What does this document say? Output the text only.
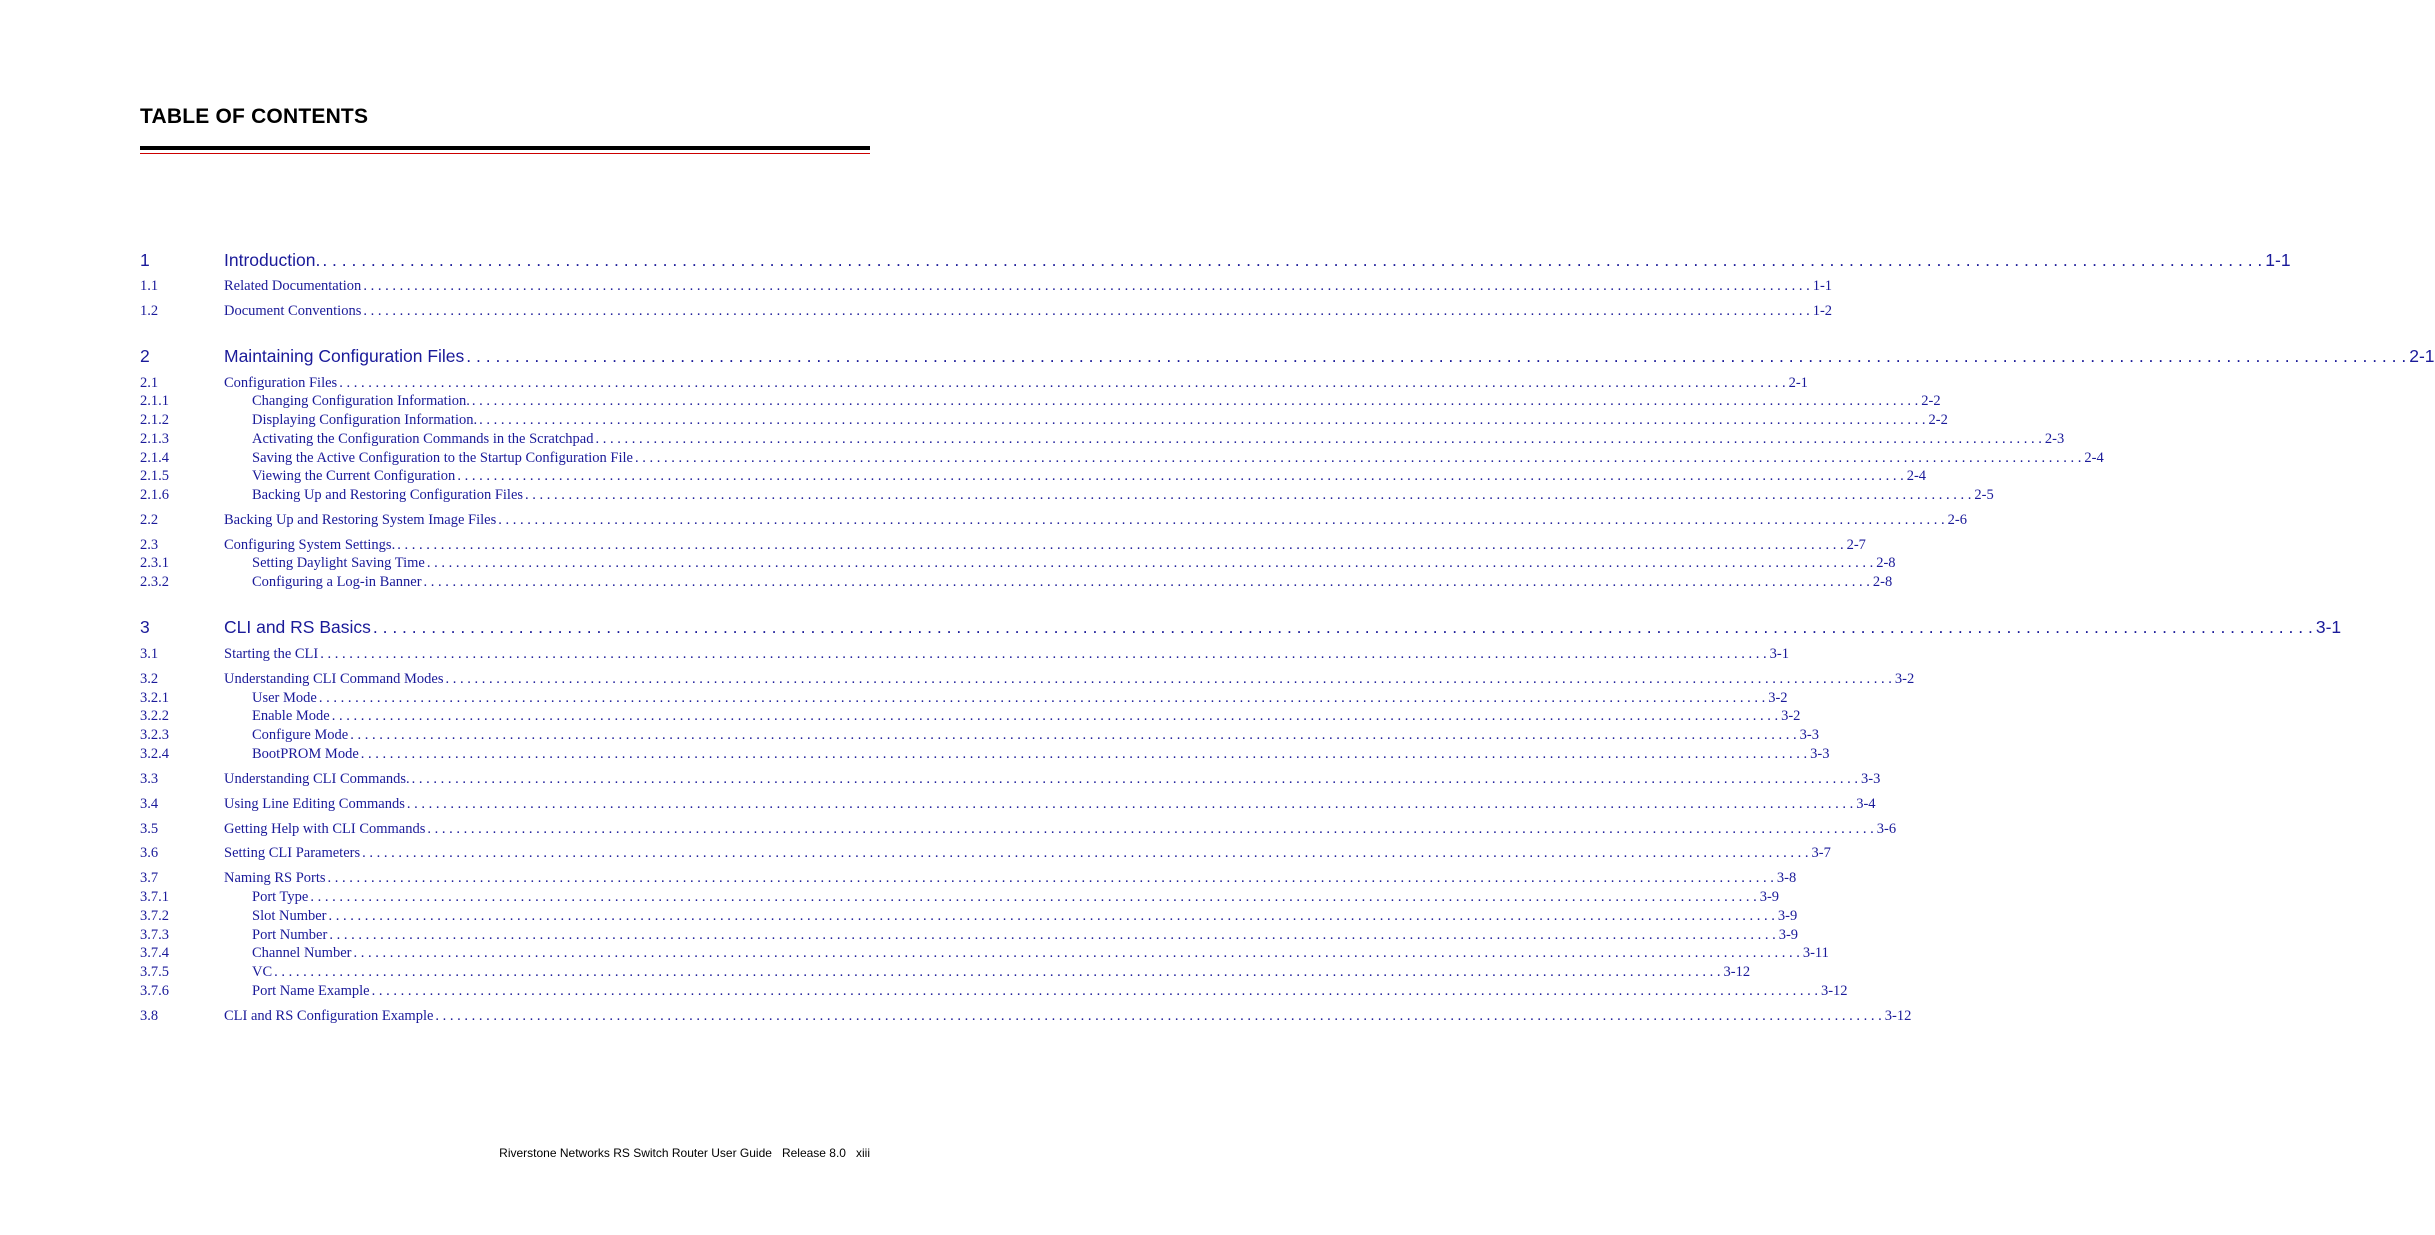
TABLE OF CONTENTS
1	Introduction. . . . . . . . . . . . . . . . . . . . . . . . . . . . . . . . . . . . . . . . . . . . . . . . . . . . . . . . . . . . . . . . . . . . . . . . . . . . . . . . . . . . . . . . . . . . . . . . . . . . . . . . . . . . . . . . . . . . . . . . . . . . . . . . . . . . . . . . . . . . . . . . . . . . . . . . . . . . . . . . . . . . . . . . . . . . . . . . . . . . . . . . . . . . . . . . . . . . . . . . . 1-1
1.1	Related Documentation . . . . . . . . . . . . . . . . . . . . . . . . . . . . . . . . . . . . . . . . . . . . . . . . . . . . . . . . . . . . . . . . . . . . . . . . . . . . . . . . . . . . . . . . . . . . . . . . . . . . . . . . . . . . . . . . . . . . . . . . . . . . . . . . . . . . . . . . . . . . . . . . . . . . . . . . . . . . . . . . . . . . . . . . . . . . . . . . . . . . . . . . . . . . . . . . . . . . . . . . 1-1
1.2	Document Conventions . . . . . . . . . . . . . . . . . . . . . . . . . . . . . . . . . . . . . . . . . . . . . . . . . . . . . . . . . . . . . . . . . . . . . . . . . . . . . . . . . . . . . . . . . . . . . . . . . . . . . . . . . . . . . . . . . . . . . . . . . . . . . . . . . . . . . . . . . . . . . . . . . . . . . . . . . . . . . . . . . . . . . . . . . . . . . . . . . . . . . . . . . . . . . . . . . . . . . . . . 1-2
2	Maintaining Configuration Files . . . . . . . . . . . . . . . . . . . . . . . . . . . . . . . . . . . . . . . . . . . . . . . . . . . . . . . . . . . . . . . . . . . . . . . . . . . . . . . . . . . . . . . . . . . . . . . . . . . . . . . . . . . . . . . . . . . . . . . . . . . . . . . . . . . . . . . . . . . . . . . . . . . . . . . . . . . . . . . . . . . . . . . . . . . . . . . . . . . . . . . . . . . . . . . . . . . . . . . . 2-1
2.1	Configuration Files . . . . . . . . . . . . . . . . . . . . . . . . . . . . . . . . . . . . . . . . . . . . . . . . . . . . . . . . . . . . . . . . . . . . . . . . . . . . . . . . . . . . . . . . . . . . . . . . . . . . . . . . . . . . . . . . . . . . . . . . . . . . . . . . . . . . . . . . . . . . . . . . . . . . . . . . . . . . . . . . . . . . . . . . . . . . . . . . . . . . . . . . . . . . . . . . . . . . . . . . 2-1
2.1.1	Changing Configuration Information. . . . . . . . . . . . . . . . . . . . . . . . . . . . . . . . . . . . . . . . . . . . . . . . . . . . . . . . . . . . . . . . . . . . . . . . . . . . . . . . . . . . . . . . . . . . . . . . . . . . . . . . . . . . . . . . . . . . . . . . . . . . . . . . . . . . . . . . . . . . . . . . . . . . . . . . . . . . . . . . . . . . . . . . . . . . . . . . . . . . . . . . . . . . . . . . . . . . . . . . . 2-2
2.1.2	Displaying Configuration Information. . . . . . . . . . . . . . . . . . . . . . . . . . . . . . . . . . . . . . . . . . . . . . . . . . . . . . . . . . . . . . . . . . . . . . . . . . . . . . . . . . . . . . . . . . . . . . . . . . . . . . . . . . . . . . . . . . . . . . . . . . . . . . . . . . . . . . . . . . . . . . . . . . . . . . . . . . . . . . . . . . . . . . . . . . . . . . . . . . . . . . . . . . . . . . . . . . . . . . . . . 2-2
2.1.3	Activating the Configuration Commands in the Scratchpad . . . . . . . . . . . . . . . . . . . . . . . . . . . . . . . . . . . . . . . . . . . . . . . . . . . . . . . . . . . . . . . . . . . . . . . . . . . . . . . . . . . . . . . . . . . . . . . . . . . . . . . . . . . . . . . . . . . . . . . . . . . . . . . . . . . . . . . . . . . . . . . . . . . . . . . . . . . . . . . . . . . . . . . . . . . . . . . . . . . . . . . . . . . . . . . . . . . . . . . . 2-3
2.1.4	Saving the Active Configuration to the Startup Configuration File . . . . . . . . . . . . . . . . . . . . . . . . . . . . . . . . . . . . . . . . . . . . . . . . . . . . . . . . . . . . . . . . . . . . . . . . . . . . . . . . . . . . . . . . . . . . . . . . . . . . . . . . . . . . . . . . . . . . . . . . . . . . . . . . . . . . . . . . . . . . . . . . . . . . . . . . . . . . . . . . . . . . . . . . . . . . . . . . . . . . . . . . . . . . . . . . . . . . . . . . 2-4
2.1.5	Viewing the Current Configuration . . . . . . . . . . . . . . . . . . . . . . . . . . . . . . . . . . . . . . . . . . . . . . . . . . . . . . . . . . . . . . . . . . . . . . . . . . . . . . . . . . . . . . . . . . . . . . . . . . . . . . . . . . . . . . . . . . . . . . . . . . . . . . . . . . . . . . . . . . . . . . . . . . . . . . . . . . . . . . . . . . . . . . . . . . . . . . . . . . . . . . . . . . . . . . . . . . . . . . . . 2-4
2.1.6	Backing Up and Restoring Configuration Files . . . . . . . . . . . . . . . . . . . . . . . . . . . . . . . . . . . . . . . . . . . . . . . . . . . . . . . . . . . . . . . . . . . . . . . . . . . . . . . . . . . . . . . . . . . . . . . . . . . . . . . . . . . . . . . . . . . . . . . . . . . . . . . . . . . . . . . . . . . . . . . . . . . . . . . . . . . . . . . . . . . . . . . . . . . . . . . . . . . . . . . . . . . . . . . . . . . . . . . . 2-5
2.2	Backing Up and Restoring System Image Files . . . . . . . . . . . . . . . . . . . . . . . . . . . . . . . . . . . . . . . . . . . . . . . . . . . . . . . . . . . . . . . . . . . . . . . . . . . . . . . . . . . . . . . . . . . . . . . . . . . . . . . . . . . . . . . . . . . . . . . . . . . . . . . . . . . . . . . . . . . . . . . . . . . . . . . . . . . . . . . . . . . . . . . . . . . . . . . . . . . . . . . . . . . . . . . . . . . . . . . . 2-6
2.3	Configuring System Settings. . . . . . . . . . . . . . . . . . . . . . . . . . . . . . . . . . . . . . . . . . . . . . . . . . . . . . . . . . . . . . . . . . . . . . . . . . . . . . . . . . . . . . . . . . . . . . . . . . . . . . . . . . . . . . . . . . . . . . . . . . . . . . . . . . . . . . . . . . . . . . . . . . . . . . . . . . . . . . . . . . . . . . . . . . . . . . . . . . . . . . . . . . . . . . . . . . . . . . . . . 2-7
2.3.1	Setting Daylight Saving Time . . . . . . . . . . . . . . . . . . . . . . . . . . . . . . . . . . . . . . . . . . . . . . . . . . . . . . . . . . . . . . . . . . . . . . . . . . . . . . . . . . . . . . . . . . . . . . . . . . . . . . . . . . . . . . . . . . . . . . . . . . . . . . . . . . . . . . . . . . . . . . . . . . . . . . . . . . . . . . . . . . . . . . . . . . . . . . . . . . . . . . . . . . . . . . . . . . . . . . . . 2-8
2.3.2	Configuring a Log-in Banner . . . . . . . . . . . . . . . . . . . . . . . . . . . . . . . . . . . . . . . . . . . . . . . . . . . . . . . . . . . . . . . . . . . . . . . . . . . . . . . . . . . . . . . . . . . . . . . . . . . . . . . . . . . . . . . . . . . . . . . . . . . . . . . . . . . . . . . . . . . . . . . . . . . . . . . . . . . . . . . . . . . . . . . . . . . . . . . . . . . . . . . . . . . . . . . . . . . . . . . . 2-8
3	CLI and RS Basics . . . . . . . . . . . . . . . . . . . . . . . . . . . . . . . . . . . . . . . . . . . . . . . . . . . . . . . . . . . . . . . . . . . . . . . . . . . . . . . . . . . . . . . . . . . . . . . . . . . . . . . . . . . . . . . . . . . . . . . . . . . . . . . . . . . . . . . . . . . . . . . . . . . . . . . . . . . . . . . . . . . . . . . . . . . . . . . . . . . . . . . . . . . . . . . . . . . . . . . . 3-1
3.1	Starting the CLI . . . . . . . . . . . . . . . . . . . . . . . . . . . . . . . . . . . . . . . . . . . . . . . . . . . . . . . . . . . . . . . . . . . . . . . . . . . . . . . . . . . . . . . . . . . . . . . . . . . . . . . . . . . . . . . . . . . . . . . . . . . . . . . . . . . . . . . . . . . . . . . . . . . . . . . . . . . . . . . . . . . . . . . . . . . . . . . . . . . . . . . . . . . . . . . . . . . . . . . . 3-1
3.2	Understanding CLI Command Modes . . . . . . . . . . . . . . . . . . . . . . . . . . . . . . . . . . . . . . . . . . . . . . . . . . . . . . . . . . . . . . . . . . . . . . . . . . . . . . . . . . . . . . . . . . . . . . . . . . . . . . . . . . . . . . . . . . . . . . . . . . . . . . . . . . . . . . . . . . . . . . . . . . . . . . . . . . . . . . . . . . . . . . . . . . . . . . . . . . . . . . . . . . . . . . . . . . . . . . . . 3-2
3.2.1	User Mode . . . . . . . . . . . . . . . . . . . . . . . . . . . . . . . . . . . . . . . . . . . . . . . . . . . . . . . . . . . . . . . . . . . . . . . . . . . . . . . . . . . . . . . . . . . . . . . . . . . . . . . . . . . . . . . . . . . . . . . . . . . . . . . . . . . . . . . . . . . . . . . . . . . . . . . . . . . . . . . . . . . . . . . . . . . . . . . . . . . . . . . . . . . . . . . . . . . . . . . . 3-2
3.2.2	Enable Mode . . . . . . . . . . . . . . . . . . . . . . . . . . . . . . . . . . . . . . . . . . . . . . . . . . . . . . . . . . . . . . . . . . . . . . . . . . . . . . . . . . . . . . . . . . . . . . . . . . . . . . . . . . . . . . . . . . . . . . . . . . . . . . . . . . . . . . . . . . . . . . . . . . . . . . . . . . . . . . . . . . . . . . . . . . . . . . . . . . . . . . . . . . . . . . . . . . . . . . . . 3-2
3.2.3	Configure Mode . . . . . . . . . . . . . . . . . . . . . . . . . . . . . . . . . . . . . . . . . . . . . . . . . . . . . . . . . . . . . . . . . . . . . . . . . . . . . . . . . . . . . . . . . . . . . . . . . . . . . . . . . . . . . . . . . . . . . . . . . . . . . . . . . . . . . . . . . . . . . . . . . . . . . . . . . . . . . . . . . . . . . . . . . . . . . . . . . . . . . . . . . . . . . . . . . . . . . . . . 3-3
3.2.4	BootPROM Mode . . . . . . . . . . . . . . . . . . . . . . . . . . . . . . . . . . . . . . . . . . . . . . . . . . . . . . . . . . . . . . . . . . . . . . . . . . . . . . . . . . . . . . . . . . . . . . . . . . . . . . . . . . . . . . . . . . . . . . . . . . . . . . . . . . . . . . . . . . . . . . . . . . . . . . . . . . . . . . . . . . . . . . . . . . . . . . . . . . . . . . . . . . . . . . . . . . . . . . . . 3-3
3.3	Understanding CLI Commands. . . . . . . . . . . . . . . . . . . . . . . . . . . . . . . . . . . . . . . . . . . . . . . . . . . . . . . . . . . . . . . . . . . . . . . . . . . . . . . . . . . . . . . . . . . . . . . . . . . . . . . . . . . . . . . . . . . . . . . . . . . . . . . . . . . . . . . . . . . . . . . . . . . . . . . . . . . . . . . . . . . . . . . . . . . . . . . . . . . . . . . . . . . . . . . . . . . . . . . . . 3-3
3.4	Using Line Editing Commands . . . . . . . . . . . . . . . . . . . . . . . . . . . . . . . . . . . . . . . . . . . . . . . . . . . . . . . . . . . . . . . . . . . . . . . . . . . . . . . . . . . . . . . . . . . . . . . . . . . . . . . . . . . . . . . . . . . . . . . . . . . . . . . . . . . . . . . . . . . . . . . . . . . . . . . . . . . . . . . . . . . . . . . . . . . . . . . . . . . . . . . . . . . . . . . . . . . . . . . . 3-4
3.5	Getting Help with CLI Commands . . . . . . . . . . . . . . . . . . . . . . . . . . . . . . . . . . . . . . . . . . . . . . . . . . . . . . . . . . . . . . . . . . . . . . . . . . . . . . . . . . . . . . . . . . . . . . . . . . . . . . . . . . . . . . . . . . . . . . . . . . . . . . . . . . . . . . . . . . . . . . . . . . . . . . . . . . . . . . . . . . . . . . . . . . . . . . . . . . . . . . . . . . . . . . . . . . . . . . . . 3-6
3.6	Setting CLI Parameters . . . . . . . . . . . . . . . . . . . . . . . . . . . . . . . . . . . . . . . . . . . . . . . . . . . . . . . . . . . . . . . . . . . . . . . . . . . . . . . . . . . . . . . . . . . . . . . . . . . . . . . . . . . . . . . . . . . . . . . . . . . . . . . . . . . . . . . . . . . . . . . . . . . . . . . . . . . . . . . . . . . . . . . . . . . . . . . . . . . . . . . . . . . . . . . . . . . . . . . . 3-7
3.7	Naming RS Ports . . . . . . . . . . . . . . . . . . . . . . . . . . . . . . . . . . . . . . . . . . . . . . . . . . . . . . . . . . . . . . . . . . . . . . . . . . . . . . . . . . . . . . . . . . . . . . . . . . . . . . . . . . . . . . . . . . . . . . . . . . . . . . . . . . . . . . . . . . . . . . . . . . . . . . . . . . . . . . . . . . . . . . . . . . . . . . . . . . . . . . . . . . . . . . . . . . . . . . . . 3-8
3.7.1	Port Type . . . . . . . . . . . . . . . . . . . . . . . . . . . . . . . . . . . . . . . . . . . . . . . . . . . . . . . . . . . . . . . . . . . . . . . . . . . . . . . . . . . . . . . . . . . . . . . . . . . . . . . . . . . . . . . . . . . . . . . . . . . . . . . . . . . . . . . . . . . . . . . . . . . . . . . . . . . . . . . . . . . . . . . . . . . . . . . . . . . . . . . . . . . . . . . . . . . . . . . . 3-9
3.7.2	Slot Number . . . . . . . . . . . . . . . . . . . . . . . . . . . . . . . . . . . . . . . . . . . . . . . . . . . . . . . . . . . . . . . . . . . . . . . . . . . . . . . . . . . . . . . . . . . . . . . . . . . . . . . . . . . . . . . . . . . . . . . . . . . . . . . . . . . . . . . . . . . . . . . . . . . . . . . . . . . . . . . . . . . . . . . . . . . . . . . . . . . . . . . . . . . . . . . . . . . . . . . . 3-9
3.7.3	Port Number . . . . . . . . . . . . . . . . . . . . . . . . . . . . . . . . . . . . . . . . . . . . . . . . . . . . . . . . . . . . . . . . . . . . . . . . . . . . . . . . . . . . . . . . . . . . . . . . . . . . . . . . . . . . . . . . . . . . . . . . . . . . . . . . . . . . . . . . . . . . . . . . . . . . . . . . . . . . . . . . . . . . . . . . . . . . . . . . . . . . . . . . . . . . . . . . . . . . . . . . 3-9
3.7.4	Channel Number . . . . . . . . . . . . . . . . . . . . . . . . . . . . . . . . . . . . . . . . . . . . . . . . . . . . . . . . . . . . . . . . . . . . . . . . . . . . . . . . . . . . . . . . . . . . . . . . . . . . . . . . . . . . . . . . . . . . . . . . . . . . . . . . . . . . . . . . . . . . . . . . . . . . . . . . . . . . . . . . . . . . . . . . . . . . . . . . . . . . . . . . . . . . . . . . . . . . . . . . 3-11
3.7.5	VC . . . . . . . . . . . . . . . . . . . . . . . . . . . . . . . . . . . . . . . . . . . . . . . . . . . . . . . . . . . . . . . . . . . . . . . . . . . . . . . . . . . . . . . . . . . . . . . . . . . . . . . . . . . . . . . . . . . . . . . . . . . . . . . . . . . . . . . . . . . . . . . . . . . . . . . . . . . . . . . . . . . . . . . . . . . . . . . . . . . . . . . . . . . . . . . . . . . . . . . . 3-12
3.7.6	Port Name Example . . . . . . . . . . . . . . . . . . . . . . . . . . . . . . . . . . . . . . . . . . . . . . . . . . . . . . . . . . . . . . . . . . . . . . . . . . . . . . . . . . . . . . . . . . . . . . . . . . . . . . . . . . . . . . . . . . . . . . . . . . . . . . . . . . . . . . . . . . . . . . . . . . . . . . . . . . . . . . . . . . . . . . . . . . . . . . . . . . . . . . . . . . . . . . . . . . . . . . . . 3-12
3.8	CLI and RS Configuration Example . . . . . . . . . . . . . . . . . . . . . . . . . . . . . . . . . . . . . . . . . . . . . . . . . . . . . . . . . . . . . . . . . . . . . . . . . . . . . . . . . . . . . . . . . . . . . . . . . . . . . . . . . . . . . . . . . . . . . . . . . . . . . . . . . . . . . . . . . . . . . . . . . . . . . . . . . . . . . . . . . . . . . . . . . . . . . . . . . . . . . . . . . . . . . . . . . . . . . . . . 3-12
Riverstone Networks RS Switch Router User Guide Release 8.0 xiii
